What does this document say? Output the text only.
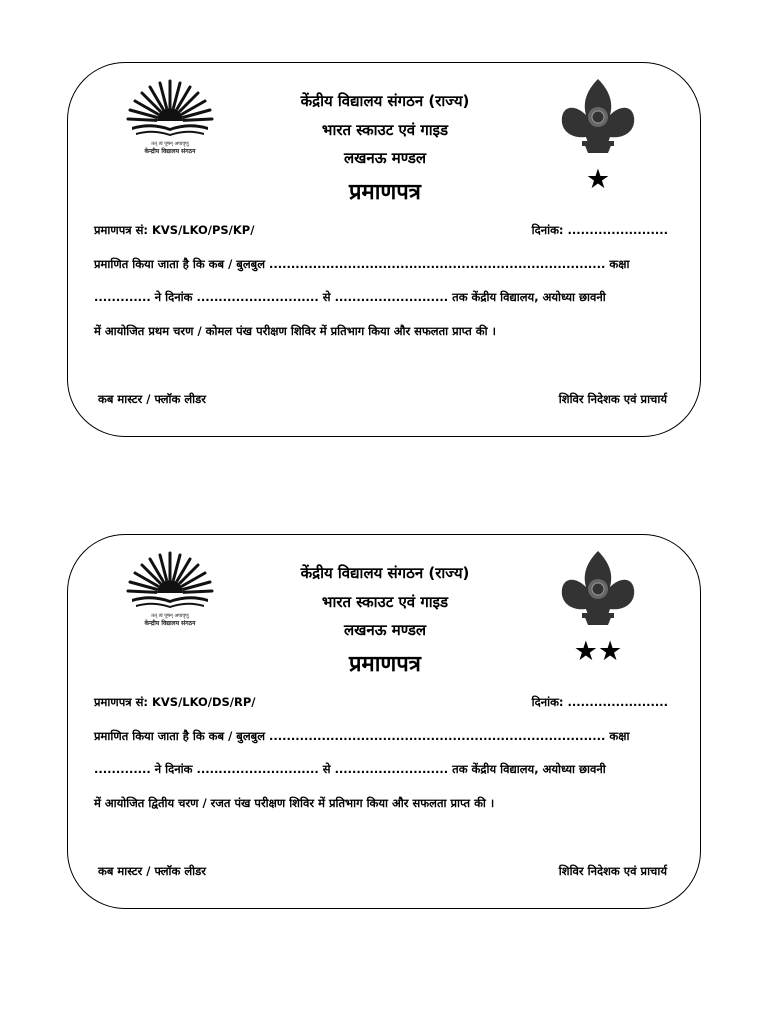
तत् त्वं पूषन् अपावृणु
केन्द्रीय विद्यालय संगठन
केंद्रीय विद्यालय संगठन (राज्य)
भारत स्काउट एवं गाइड
लखनऊ मण्डल
प्रमाणपत्र	★
प्रमाणपत्र सं: KVS/LKO/PS/KP/	दिनांक: .......................
प्रमाणित किया जाता है कि कब / बुलबुल ............................................................................. कक्षा
............. ने दिनांक ............................ से .......................... तक केंद्रीय विद्यालय, अयोध्या छावनी
में आयोजित प्रथम चरण / कोमल पंख परीक्षण शिविर में प्रतिभाग किया और सफलता प्राप्त की ।
कब मास्टर / फ्लॉक लीडर	शिविर निदेशक एवं प्राचार्य
तत् त्वं पूषन् अपावृणु
केन्द्रीय विद्यालय संगठन
केंद्रीय विद्यालय संगठन (राज्य)
भारत स्काउट एवं गाइड
लखनऊ मण्डल
प्रमाणपत्र	★★
प्रमाणपत्र सं: KVS/LKO/DS/RP/	दिनांक: .......................
प्रमाणित किया जाता है कि कब / बुलबुल ............................................................................. कक्षा
............. ने दिनांक ............................ से .......................... तक केंद्रीय विद्यालय, अयोध्या छावनी
में आयोजित द्वितीय चरण / रजत पंख परीक्षण शिविर में प्रतिभाग किया और सफलता प्राप्त की ।
कब मास्टर / फ्लॉक लीडर	शिविर निदेशक एवं प्राचार्य
